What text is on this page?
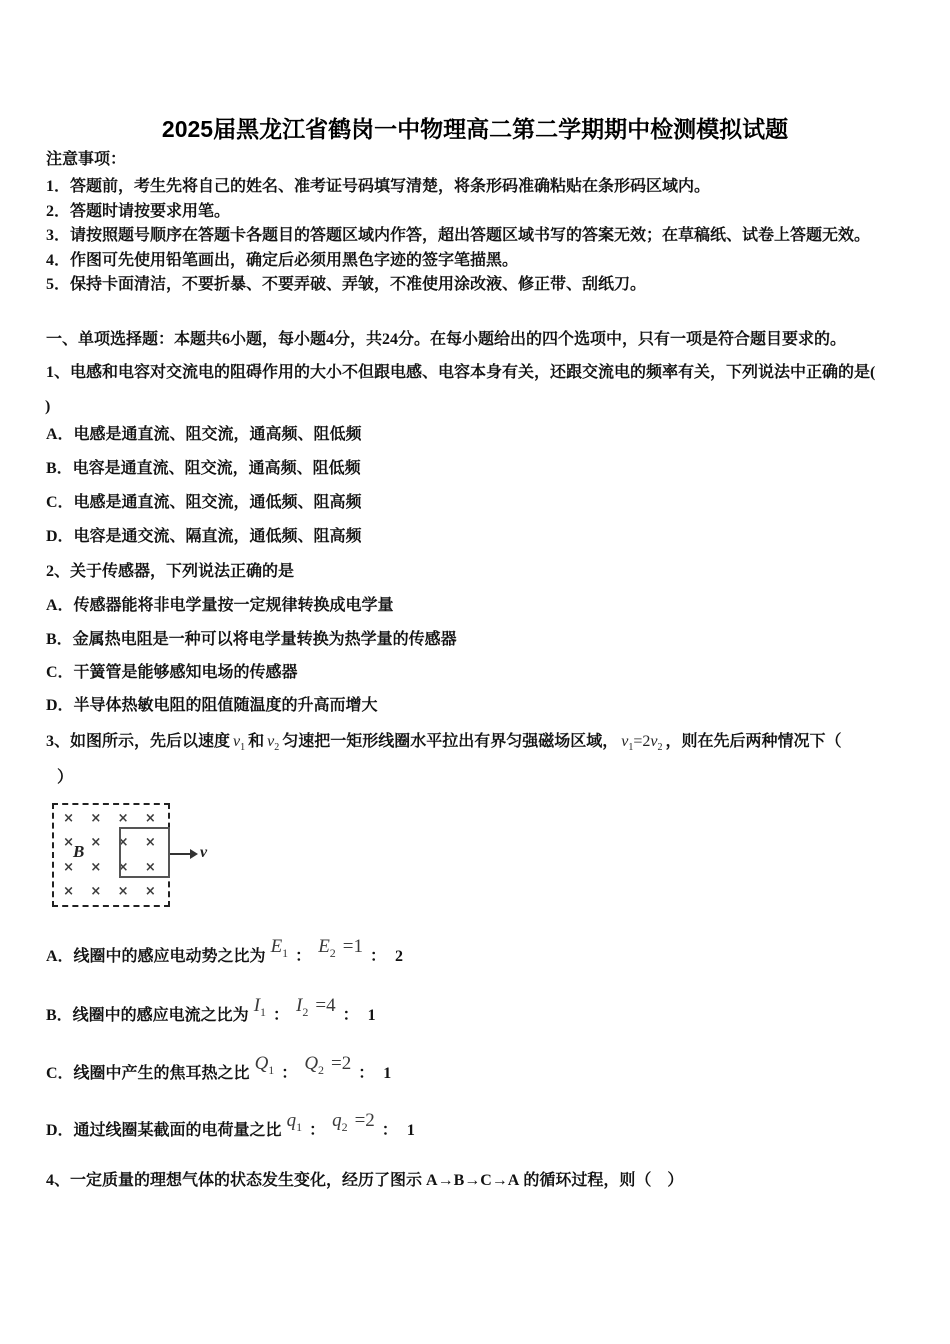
2025届黑龙江省鹤岗一中物理高二第二学期期中检测模拟试题
注意事项：
1．答题前，考生先将自己的姓名、准考证号码填写清楚，将条形码准确粘贴在条形码区域内。
2．答题时请按要求用笔。
3．请按照题号顺序在答题卡各题目的答题区域内作答，超出答题区域书写的答案无效；在草稿纸、试卷上答题无效。
4．作图可先使用铅笔画出，确定后必须用黑色字迹的签字笔描黑。
5．保持卡面清洁，不要折暴、不要弄破、弄皱，不准使用涂改液、修正带、刮纸刀。
一、单项选择题：本题共6小题，每小题4分，共24分。在每小题给出的四个选项中，只有一项是符合题目要求的。
1、电感和电容对交流电的阻碍作用的大小不但跟电感、电容本身有关，还跟交流电的频率有关，下列说法中正确的是(
)
A．电感是通直流、阻交流，通高频、阻低频
B．电容是通直流、阻交流，通高频、阻低频
C．电感是通直流、阻交流，通低频、阻高频
D．电容是通交流、隔直流，通低频、阻高频
2、关于传感器，下列说法正确的是
A．传感器能将非电学量按一定规律转换成电学量
B．金属热电阻是一种可以将电学量转换为热学量的传感器
C．干簧管是能够感知电场的传感器
D．半导体热敏电阻的阻值随温度的升高而增大
3、如图所示，先后以速度 $v_1$ 和 $v_2$ 匀速把一矩形线圈水平拉出有界匀强磁场区域， $v_1=2v_2$ ，则在先后两种情况下（
）
×	×	×	×
×	×	×	×
×	×	×	×
×	×	×	×
B	v
A．线圈中的感应电动势之比为 $E_1$ ： $E_2 =1$ ： 2
B．线圈中的感应电流之比为 $I_1$ ： $I_2 =4$ ： 1
C．线圈中产生的焦耳热之比 $Q_1$ ： $Q_2 =2$ ： 1
D．通过线圈某截面的电荷量之比 $q_1$ ： $q_2 =2$ ： 1
4、一定质量的理想气体的状态发生变化，经历了图示 A→B→C→A 的循环过程，则（　）
